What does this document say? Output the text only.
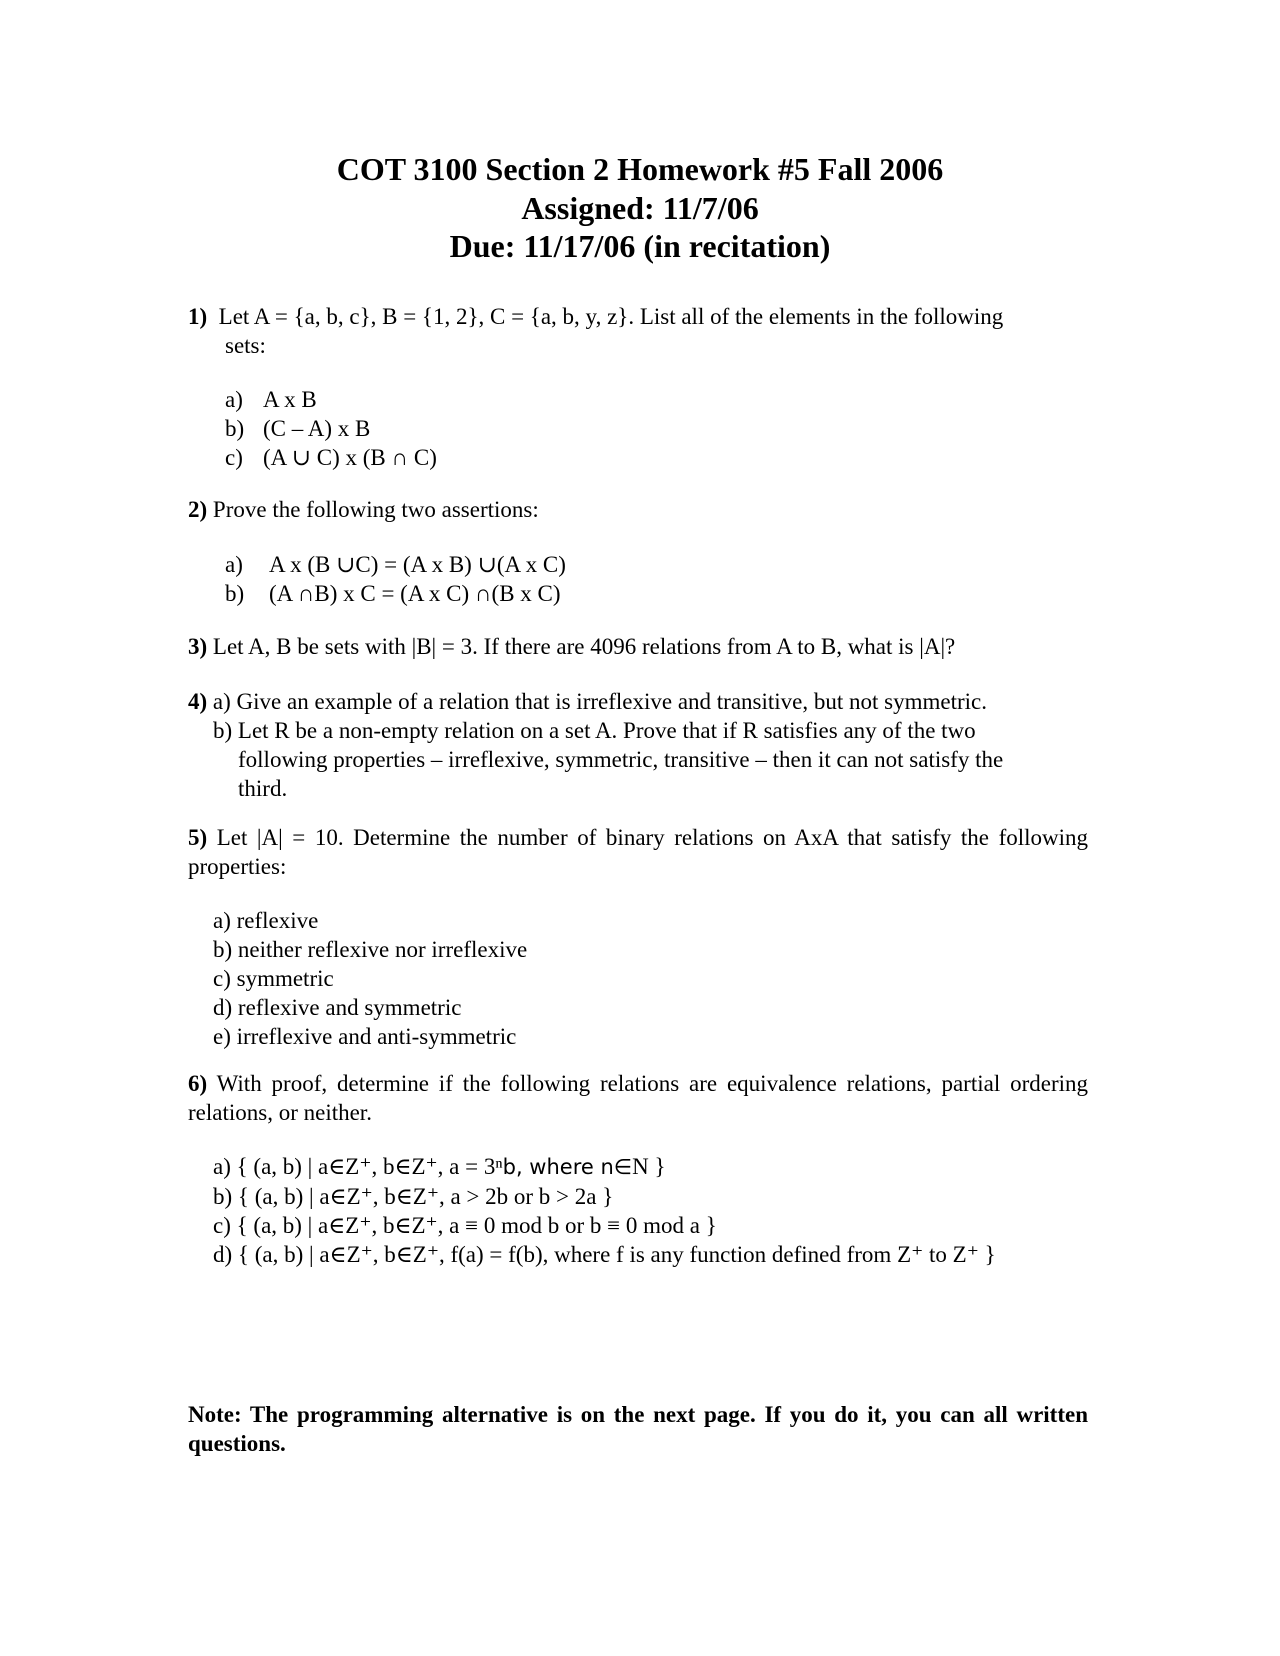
COT 3100 Section 2 Homework #5 Fall 2006
Assigned: 11/7/06
Due: 11/17/06 (in recitation)
1) Let A = {a, b, c}, B = {1, 2}, C = {a, b, y, z}. List all of the elements in the following
sets:
a) A x B
b) (C – A) x B
c) (A ∪ C) x (B ∩ C)
2) Prove the following two assertions:
a) A x (B ∪C) = (A x B) ∪(A x C)
b) (A ∩B) x C = (A x C) ∩(B x C)
3) Let A, B be sets with |B| = 3. If there are 4096 relations from A to B, what is |A|?
4) a) Give an example of a relation that is irreflexive and transitive, but not symmetric.
b) Let R be a non-empty relation on a set A. Prove that if R satisfies any of the two
following properties – irreflexive, symmetric, transitive – then it can not satisfy the
third.
5) Let |A| = 10. Determine the number of binary relations on AxA that satisfy the following properties:
a) reflexive
b) neither reflexive nor irreflexive
c) symmetric
d) reflexive and symmetric
e) irreflexive and anti-symmetric
6) With proof, determine if the following relations are equivalence relations, partial ordering relations, or neither.
a) { (a, b) | a∈Z⁺, b∈Z⁺, a = 3ⁿb, where n∈N }
b) { (a, b) | a∈Z⁺, b∈Z⁺, a > 2b or b > 2a }
c) { (a, b) | a∈Z⁺, b∈Z⁺, a ≡ 0 mod b or b ≡ 0 mod a }
d) { (a, b) | a∈Z⁺, b∈Z⁺, f(a) = f(b), where f is any function defined from Z⁺ to Z⁺ }
Note: The programming alternative is on the next page. If you do it, you can all written questions.
